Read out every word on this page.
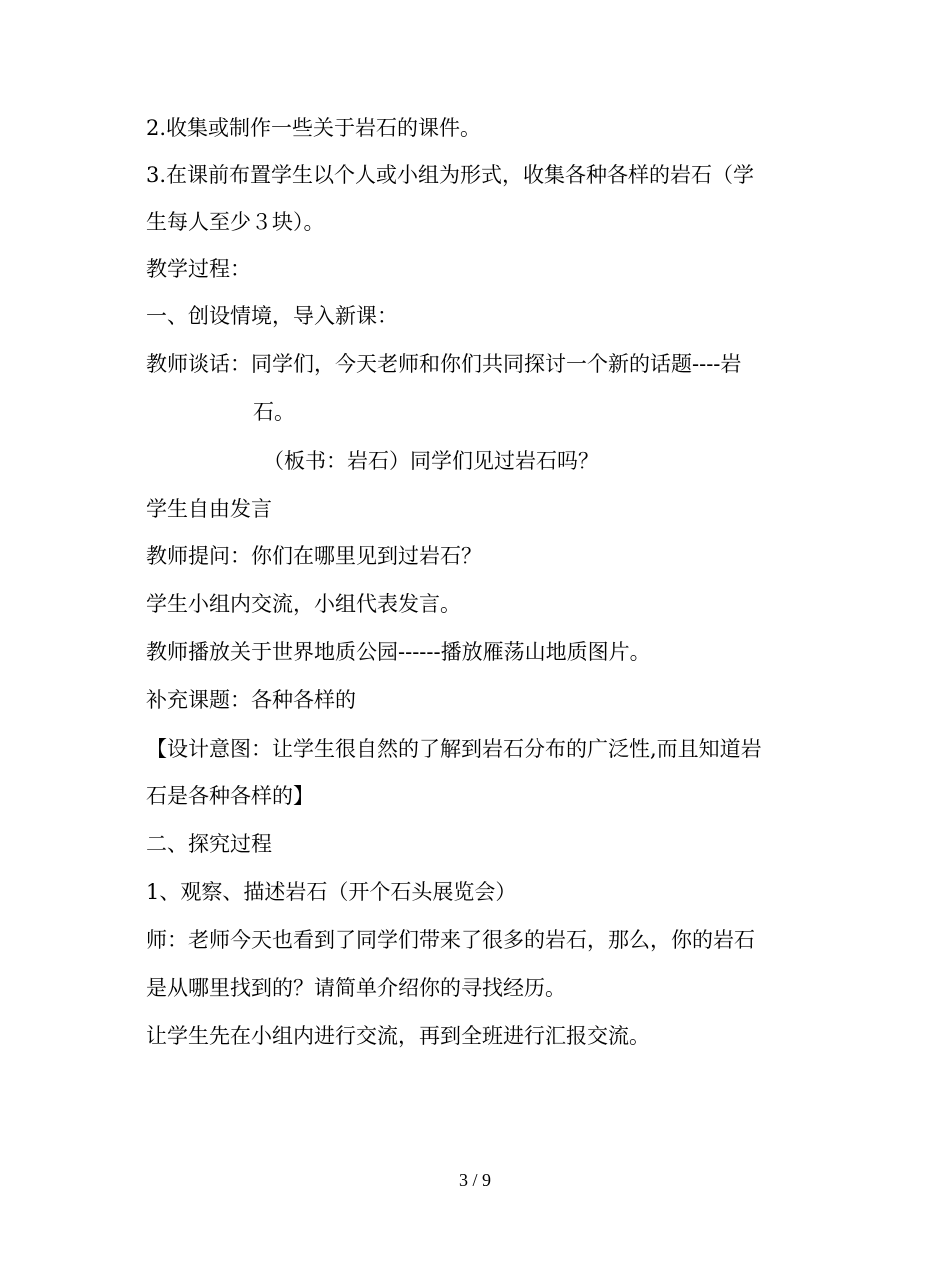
2.收集或制作一些关于岩石的课件。
3.在课前布置学生以个人或小组为形式，收集各种各样的岩石（学
生每人至少３块）。
教学过程：
一、创设情境，导入新课：
教师谈话：同学们，今天老师和你们共同探讨一个新的话题----岩
石。
（板书：岩石）同学们见过岩石吗？
学生自由发言
教师提问：你们在哪里见到过岩石？
学生小组内交流，小组代表发言。
教师播放关于世界地质公园------播放雁荡山地质图片。
补充课题：各种各样的
【设计意图：让学生很自然的了解到岩石分布的广泛性,而且知道岩
石是各种各样的】
二、探究过程
1、观察、描述岩石（开个石头展览会）
师：老师今天也看到了同学们带来了很多的岩石，那么，你的岩石
是从哪里找到的？请简单介绍你的寻找经历。
让学生先在小组内进行交流，再到全班进行汇报交流。
3 / 9
